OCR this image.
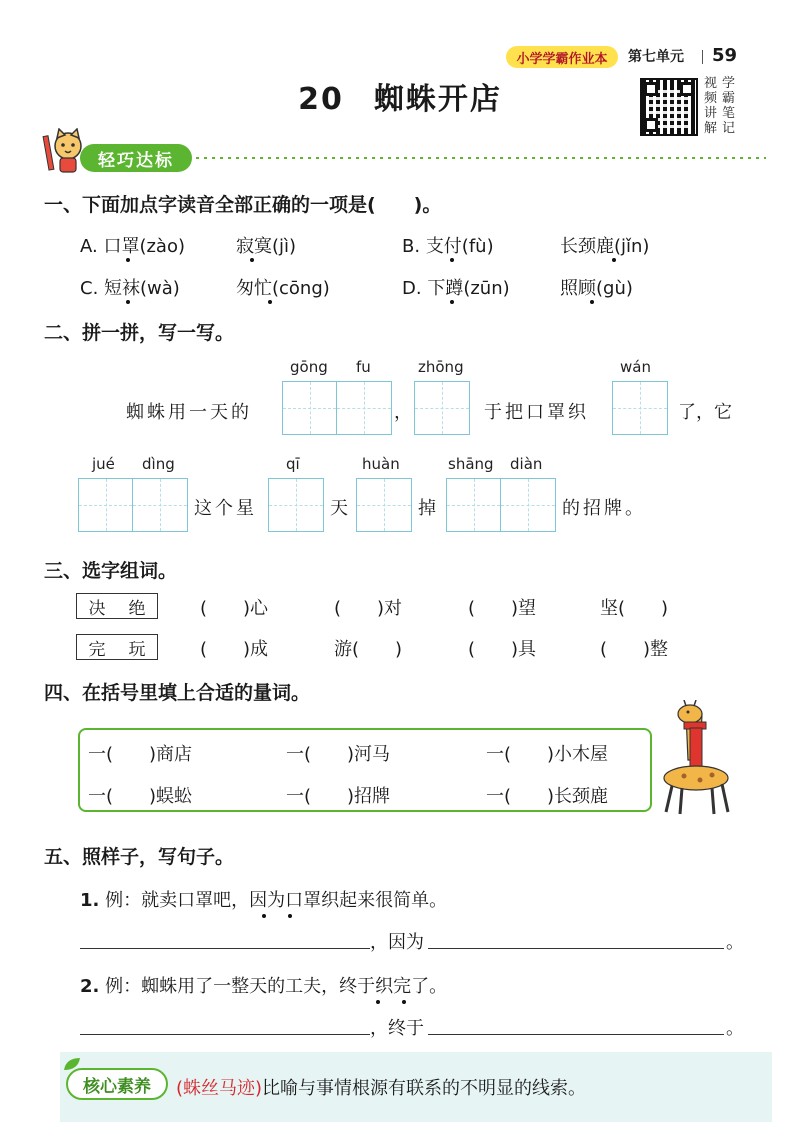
小学学霸作业本	第七单元 59
20 蜘蛛开店	视频讲解
学霸笔记
轻巧达标
一、下面加点字读音全部正确的一项是(　　)。
A. 口罩(zào)	寂寞(jì)	B. 支付(fù)	长颈鹿(jǐn)
C. 短袜(wà)	匆忙(cōng)	D. 下蹲(zūn)	照顾(gù)
二、拼一拼，写一写。
gōng fu	zhōng	wán
蜘蛛用一天的	，	于把口罩织	了，它
jué dìng	qī	huàn	shāng diàn
这个星	天	掉	的招牌。
三、选字组词。
决 绝	(　　)心	(　　)对	(　　)望	坚(　　)
完 玩	(　　)成	游(　　)	(　　)具	(　　)整
四、在括号里填上合适的量词。
一(　　)商店	一(　　)河马	一(　　)小木屋
一(　　)蜈蚣	一(　　)招牌	一(　　)长颈鹿
五、照样子，写句子。
1. 例：就卖口罩吧，因为口罩织起来很简单。
，因为	。
2. 例：蜘蛛用了一整天的工夫，终于织完了。
，终于	。
核心素养	(蛛丝马迹)比喻与事情根源有联系的不明显的线索。
